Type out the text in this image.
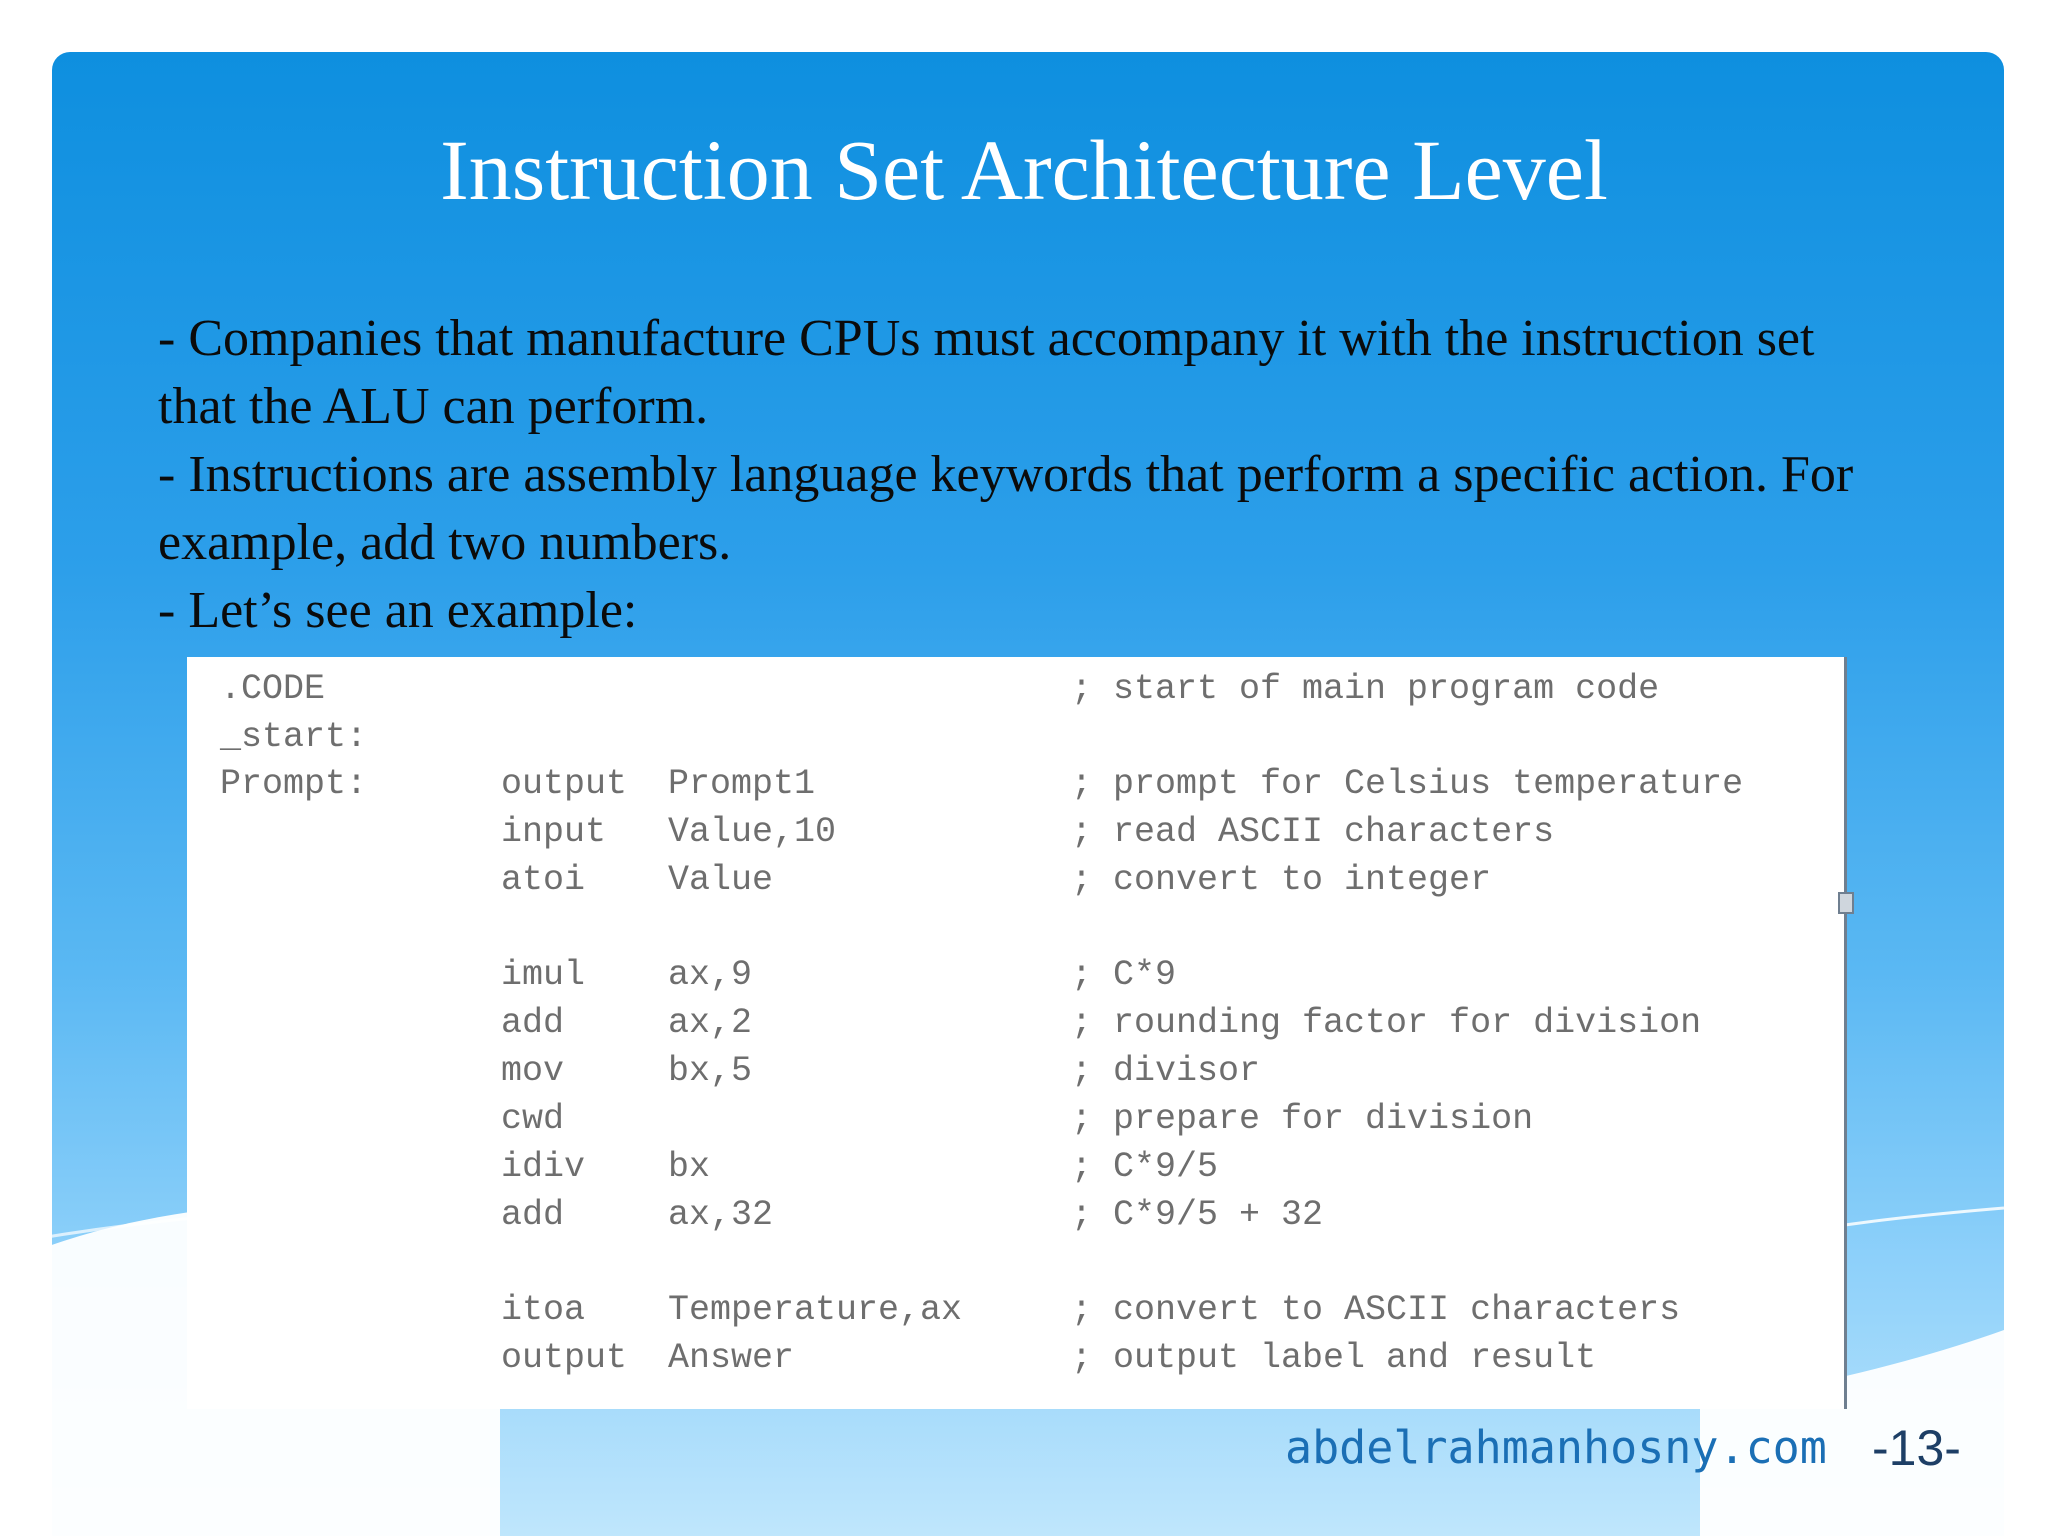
Instruction Set Architecture Level

- Companies that manufacture CPUs must accompany it with the instruction set that the ALU can perform.

- Instructions are assembly language keywords that perform a specific action. For example, add two numbers.

- Let’s see an example:

.CODE	; start of main program code
_start:
Prompt:	output Prompt1	; prompt for Celsius temperature
input Value,10	; read ASCII characters
atoi Value	; convert to integer
imul ax,9	; C*9
add	ax,2	; rounding factor for division
mov	bx,5	; divisor
cwd	; prepare for division
idiv bx	; C*9/5
add	ax,32	; C*9/5 + 32
itoa Temperature,ax	; convert to ASCII characters
output Answer	; output label and result
abdelrahmanhosny.com -13-
